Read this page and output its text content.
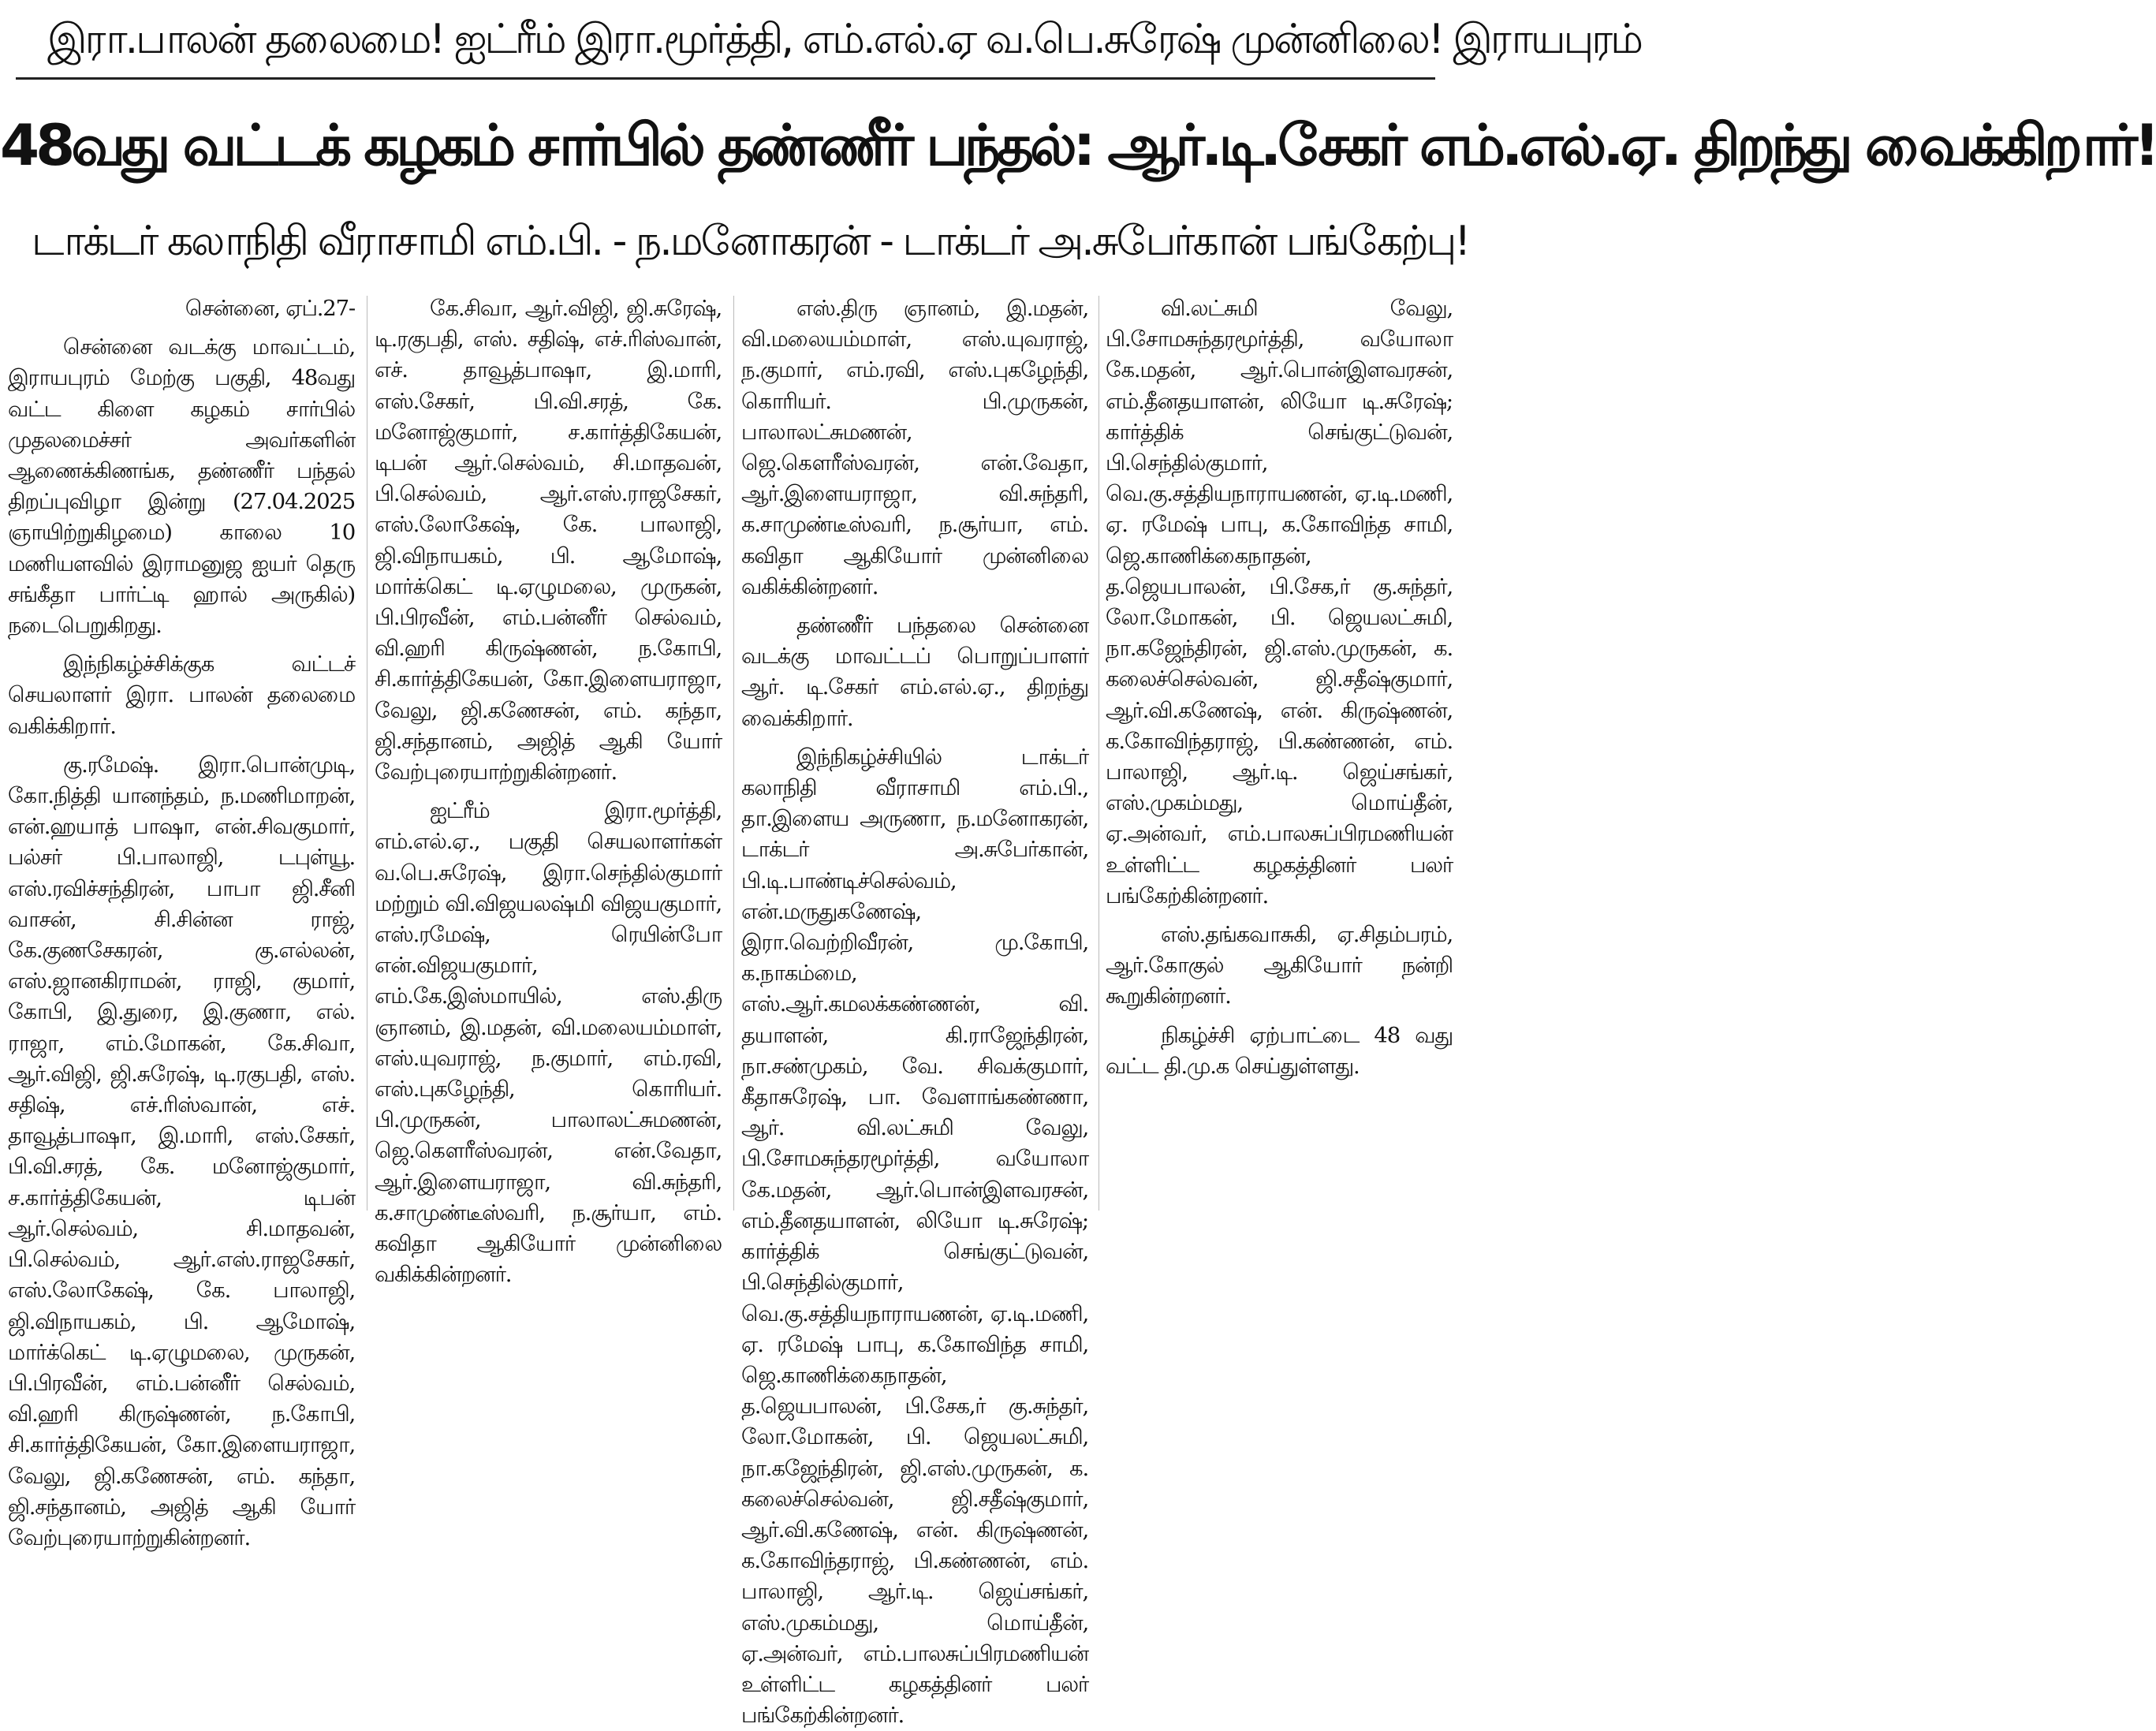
இரா.பாலன் தலைமை! ஐட்ரீம் இரா.மூர்த்தி, எம்.எல்.ஏ வ.பெ.சுரேஷ் முன்னிலை! இராயபுரம்
48வது வட்டக் கழகம் சார்பில் தண்ணீர் பந்தல்: ஆர்.டி.சேகர் எம்.எல்.ஏ. திறந்து வைக்கிறார்!
டாக்டர் கலாநிதி வீராசாமி எம்.பி. - ந.மனோகரன் - டாக்டர் அ.சுபேர்கான் பங்கேற்பு!

சென்னை, ஏப்.27-

சென்னை வடக்கு மாவட்டம், இராயபுரம் மேற்கு பகுதி, 48வது வட்ட கிளை கழகம் சார்பில் முதலமைச்சர் அவர்களின் ஆணைக்கிணங்க, தண்ணீர் பந்தல் திறப்புவிழா இன்று (27.04.2025 ஞாயிற்றுகிழமை) காலை 10 மணியளவில் இராமனுஜ ஐயர் தெரு சங்கீதா பார்ட்டி ஹால் அருகில்) நடைபெறுகிறது.

இந்நிகழ்ச்சிக்குக வட்டச் செயலாளர் இரா. பாலன் தலைமை வகிக்கிறார்.

கு.ரமேஷ். இரா.பொன்முடி, கோ.நித்தி யானந்தம், ந.மணிமாறன், என்.ஹயாத் பாஷா, என்.சிவகுமார், பல்சர் பி.பாலாஜி, டபுள்யூ. எஸ்.ரவிச்சந்திரன், பாபா ஜி.சீனி வாசன், சி.சின்ன ராஜ், கே.குணசேகரன், கு.எல்லன், எஸ்.ஜானகிராமன், ராஜி, குமார், கோபி, இ.துரை, இ.குணா, எல். ராஜா, எம்.மோகன், கே.சிவா, ஆர்.விஜி, ஜி.சுரேஷ், டி.ரகுபதி, எஸ். சதிஷ், எச்.ரிஸ்வான், எச். தாவூத்பாஷா, இ.மாரி, எஸ்.சேகர், பி.வி.சரத், கே. மனோஜ்குமார், ச.கார்த்திகேயன், டிபன் ஆர்.செல்வம், சி.மாதவன், பி.செல்வம், ஆர்.எஸ்.ராஜசேகர், எஸ்.லோகேஷ், கே. பாலாஜி, ஜி.விநாயகம், பி. ஆமோஷ், மார்க்கெட் டி.ஏழுமலை, முருகன், பி.பிரவீன், எம்.பன்னீர் செல்வம், வி.ஹரி கிருஷ்ணன், ந.கோபி, சி.கார்த்திகேயன், கோ.இளையராஜா, வேலு, ஜி.கணேசன், எம். கந்தா, ஜி.சந்தானம், அஜித் ஆகி யோர் வேற்புரையாற்றுகின்றனர்.

கே.சிவா, ஆர்.விஜி, ஜி.சுரேஷ், டி.ரகுபதி, எஸ். சதிஷ், எச்.ரிஸ்வான், எச். தாவூத்பாஷா, இ.மாரி, எஸ்.சேகர், பி.வி.சரத், கே. மனோஜ்குமார், ச.கார்த்திகேயன், டிபன் ஆர்.செல்வம், சி.மாதவன், பி.செல்வம், ஆர்.எஸ்.ராஜசேகர், எஸ்.லோகேஷ், கே. பாலாஜி, ஜி.விநாயகம், பி. ஆமோஷ், மார்க்கெட் டி.ஏழுமலை, முருகன், பி.பிரவீன், எம்.பன்னீர் செல்வம், வி.ஹரி கிருஷ்ணன், ந.கோபி, சி.கார்த்திகேயன், கோ.இளையராஜா, வேலு, ஜி.கணேசன், எம். கந்தா, ஜி.சந்தானம், அஜித் ஆகி யோர் வேற்புரையாற்றுகின்றனர்.

ஐட்ரீம் இரா.மூர்த்தி, எம்.எல்.ஏ., பகுதி செயலாளர்கள் வ.பெ.சுரேஷ், இரா.செந்தில்குமார் மற்றும் வி.விஜயலஷ்மி விஜயகுமார், எஸ்.ரமேஷ், ரெயின்போ என்.விஜயகுமார், எம்.கே.இஸ்மாயில், எஸ்.திரு ஞானம், இ.மதன், வி.மலையம்மாள், எஸ்.யுவராஜ், ந.குமார், எம்.ரவி, எஸ்.புகழேந்தி, கொரியர். பி.முருகன், பாலாலட்சுமணன், ஜெ.கௌரீஸ்வரன், என்.வேதா, ஆர்.இளையராஜா, வி.சுந்தரி, க.சாமுண்டீஸ்வரி, ந.சூர்யா, எம். கவிதா ஆகியோர் முன்னிலை வகிக்கின்றனர்.

எஸ்.திரு ஞானம், இ.மதன், வி.மலையம்மாள், எஸ்.யுவராஜ், ந.குமார், எம்.ரவி, எஸ்.புகழேந்தி, கொரியர். பி.முருகன், பாலாலட்சுமணன், ஜெ.கௌரீஸ்வரன், என்.வேதா, ஆர்.இளையராஜா, வி.சுந்தரி, க.சாமுண்டீஸ்வரி, ந.சூர்யா, எம். கவிதா ஆகியோர் முன்னிலை வகிக்கின்றனர்.

தண்ணீர் பந்தலை சென்னை வடக்கு மாவட்டப் பொறுப்பாளர் ஆர். டி.சேகர் எம்.எல்.ஏ., திறந்து வைக்கிறார்.

இந்நிகழ்ச்சியில் டாக்டர் கலாநிதி வீராசாமி எம்.பி., தா.இளைய அருணா, ந.மனோகரன், டாக்டர் அ.சுபேர்கான், பி.டி.பாண்டிச்செல்வம், என்.மருதுகணேஷ், இரா.வெற்றிவீரன், மு.கோபி, க.நாகம்மை, எஸ்.ஆர்.கமலக்கண்ணன், வி. தயாளன், கி.ராஜேந்திரன், நா.சண்முகம், வே. சிவக்குமார், கீதாசுரேஷ், பா. வேளாங்கண்ணா, ஆர். வி.லட்சுமி வேலு, பி.சோமசுந்தரமூர்த்தி, வயோலா கே.மதன், ஆர்.பொன்இளவரசன், எம்.தீனதயாளன், லியோ டி.சுரேஷ்; கார்த்திக் செங்குட்டுவன், பி.செந்தில்குமார், வெ.கு.சத்தியநாராயணன், ஏ.டி.மணி, ஏ. ரமேஷ் பாபு, க.கோவிந்த சாமி, ஜெ.காணிக்கைநாதன், த.ஜெயபாலன், பி.சேக,ர் கு.சுந்தர், லோ.மோகன், பி. ஜெயலட்சுமி, நா.கஜேந்திரன், ஜி.எஸ்.முருகன், க. கலைச்செல்வன், ஜி.சதீஷ்குமார், ஆர்.வி.கணேஷ், என். கிருஷ்ணன், க.கோவிந்தராஜ், பி.கண்ணன், எம். பாலாஜி, ஆர்.டி. ஜெய்சங்கர், எஸ்.முகம்மது, மொய்தீன், ஏ.அன்வர், எம்.பாலசுப்பிரமணியன் உள்ளிட்ட கழகத்தினர் பலர் பங்கேற்கின்றனர்.

வி.லட்சுமி வேலு, பி.சோமசுந்தரமூர்த்தி, வயோலா கே.மதன், ஆர்.பொன்இளவரசன், எம்.தீனதயாளன், லியோ டி.சுரேஷ்; கார்த்திக் செங்குட்டுவன், பி.செந்தில்குமார், வெ.கு.சத்தியநாராயணன், ஏ.டி.மணி, ஏ. ரமேஷ் பாபு, க.கோவிந்த சாமி, ஜெ.காணிக்கைநாதன், த.ஜெயபாலன், பி.சேக,ர் கு.சுந்தர், லோ.மோகன், பி. ஜெயலட்சுமி, நா.கஜேந்திரன், ஜி.எஸ்.முருகன், க. கலைச்செல்வன், ஜி.சதீஷ்குமார், ஆர்.வி.கணேஷ், என். கிருஷ்ணன், க.கோவிந்தராஜ், பி.கண்ணன், எம். பாலாஜி, ஆர்.டி. ஜெய்சங்கர், எஸ்.முகம்மது, மொய்தீன், ஏ.அன்வர், எம்.பாலசுப்பிரமணியன் உள்ளிட்ட கழகத்தினர் பலர் பங்கேற்கின்றனர்.

எஸ்.தங்கவாசுகி, ஏ.சிதம்பரம், ஆர்.கோகுல் ஆகியோர் நன்றி கூறுகின்றனர்.

நிகழ்ச்சி ஏற்பாட்டை 48 வது வட்ட தி.மு.க செய்துள்ளது.
